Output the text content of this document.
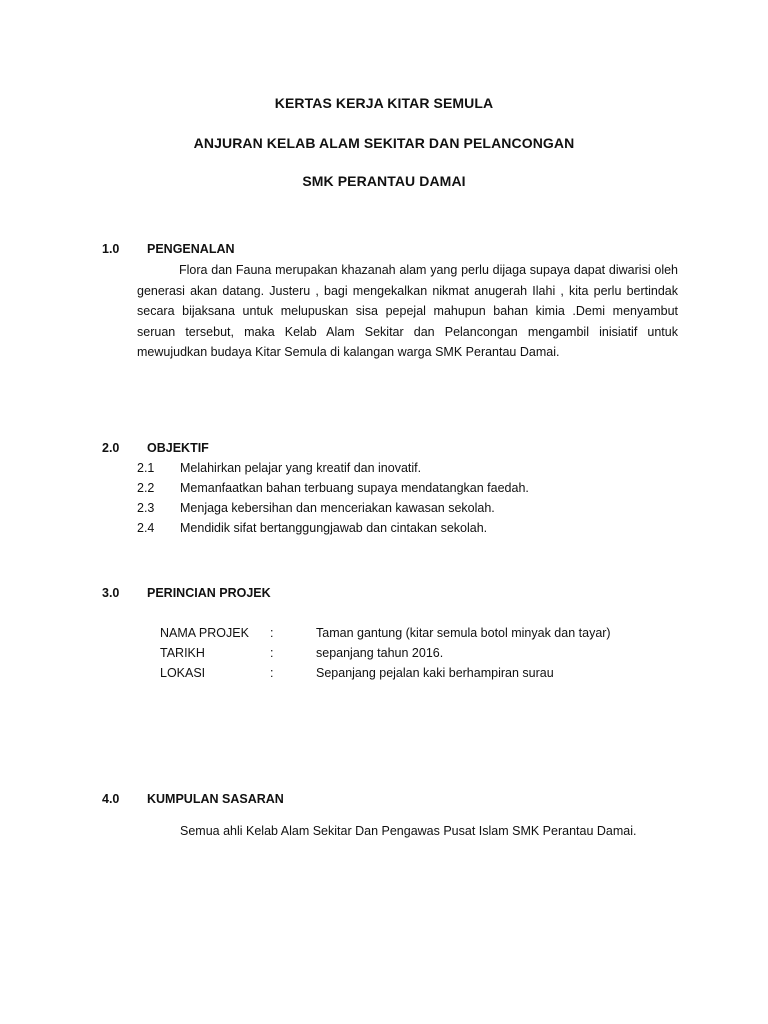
KERTAS KERJA KITAR SEMULA
ANJURAN KELAB ALAM SEKITAR DAN PELANCONGAN
SMK PERANTAU DAMAI
1.0 PENGENALAN
Flora dan Fauna merupakan khazanah alam yang perlu dijaga supaya dapat diwarisi oleh generasi akan datang. Justeru , bagi mengekalkan nikmat anugerah Ilahi , kita perlu bertindak secara bijaksana untuk melupuskan sisa pepejal mahupun bahan kimia .Demi menyambut seruan tersebut, maka Kelab Alam Sekitar dan Pelancongan mengambil inisiatif untuk mewujudkan budaya Kitar Semula di kalangan warga SMK Perantau Damai.
2.0 OBJEKTIF
2.1 Melahirkan pelajar yang kreatif dan inovatif.
2.2 Memanfaatkan bahan terbuang supaya mendatangkan faedah.
2.3 Menjaga kebersihan dan menceriakan kawasan sekolah.
2.4 Mendidik sifat bertanggungjawab dan cintakan sekolah.
3.0 PERINCIAN PROJEK
NAMA PROJEK :	Taman gantung (kitar semula botol minyak dan tayar)
TARIKH	:	sepanjang tahun 2016.
LOKASI	:	Sepanjang pejalan kaki berhampiran surau
4.0 KUMPULAN SASARAN
Semua ahli Kelab Alam Sekitar Dan Pengawas Pusat Islam SMK Perantau Damai.
